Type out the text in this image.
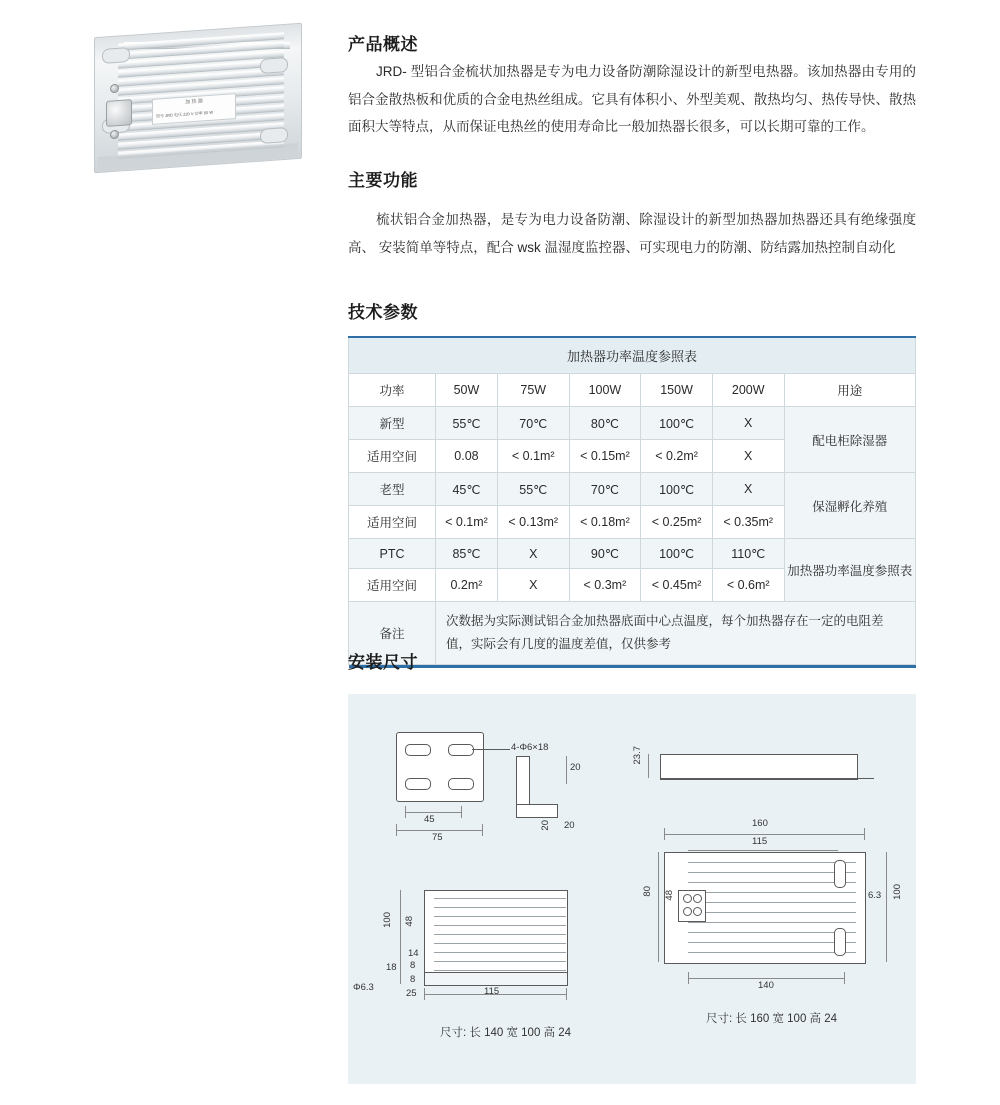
加 热 器
型号 JRD 电压 220 V 功率 50 W
产品概述
JRD- 型铝合金梳状加热器是专为电力设备防潮除湿设计的新型电热器。该加热器由专用的 铝合金散热板和优质的合金电热丝组成。它具有体积小、外型美观、散热均匀、热传导快、散热 面积大等特点，从而保证电热丝的使用寿命比一般加热器长很多，可以长期可靠的工作。
主要功能
梳状铝合金加热器，是专为电力设备防潮、除湿设计的新型加热器加热器还具有绝缘强度高、 安装简单等特点，配合 wsk 温湿度监控器、可实现电力的防潮、防结露加热控制自动化
技术参数
加热器功率温度参照表						
功率	50W	75W	100W	150W	200W	用途
新型	55℃	70℃	80℃	100℃	X	配电柜除湿器
适用空间	0.08	< 0.1m²	< 0.15m²	< 0.2m²	X	
老型	45℃	55℃	70℃	100℃	X	保湿孵化养殖
适用空间	< 0.1m²	< 0.13m²	< 0.18m²	< 0.25m²	< 0.35m²	
PTC	85℃	X	90℃	100℃	110℃	加热器功率温度参照表
适用空间	0.2m²	X	< 0.3m²	< 0.45m²	< 0.6m²	
备注	次数据为实际测试铝合金加热器底面中心点温度，每个加热器存在一定的电阻差值，实际会有几度的温度差值，仅供参考					

安装尺寸
4-Φ6×18
45
75
20
20 20
23.7
100 48
14
18 8
8
Φ6.3
25	115
尺寸: 长 140 宽 100 高 24
160
115
80 48	6.3 100
140
尺寸: 长 160 宽 100 高 24
